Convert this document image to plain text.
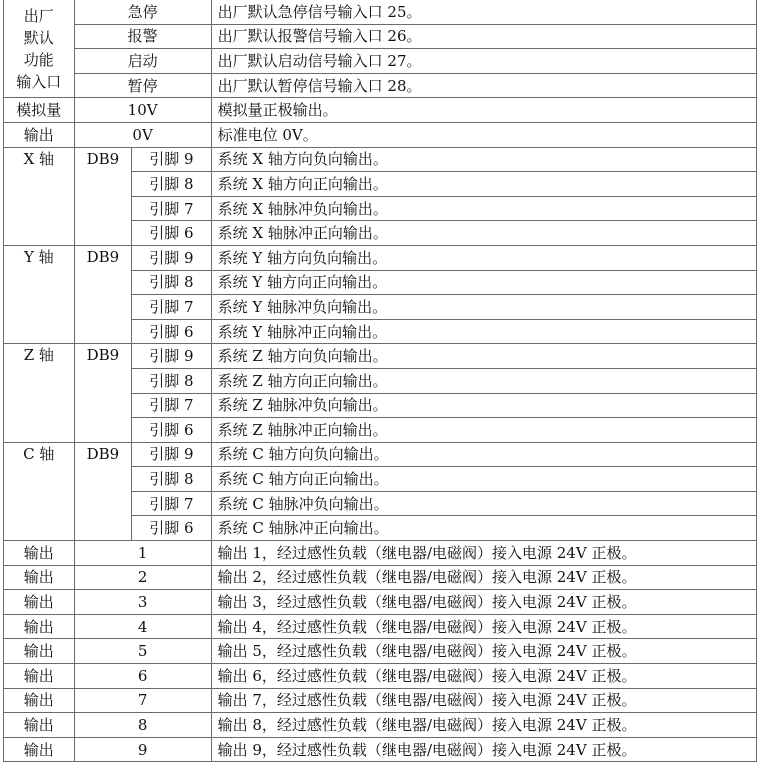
出厂
默认
功能
输入口	急停		出厂默认急停信号输入口 25。
	报警		出厂默认报警信号输入口 26。
	启动		出厂默认启动信号输入口 27。
	暂停		出厂默认暂停信号输入口 28。
模拟量	10V		模拟量正极输出。
输出	0V		标准电位 0V。
X 轴	DB9	引脚 9	系统 X 轴方向负向输出。
		引脚 8	系统 X 轴方向正向输出。
		引脚 7	系统 X 轴脉冲负向输出。
		引脚 6	系统 X 轴脉冲正向输出。
Y 轴	DB9	引脚 9	系统 Y 轴方向负向输出。
		引脚 8	系统 Y 轴方向正向输出。
		引脚 7	系统 Y 轴脉冲负向输出。
		引脚 6	系统 Y 轴脉冲正向输出。
Z 轴	DB9	引脚 9	系统 Z 轴方向负向输出。
		引脚 8	系统 Z 轴方向正向输出。
		引脚 7	系统 Z 轴脉冲负向输出。
		引脚 6	系统 Z 轴脉冲正向输出。
C 轴	DB9	引脚 9	系统 C 轴方向负向输出。
		引脚 8	系统 C 轴方向正向输出。
		引脚 7	系统 C 轴脉冲负向输出。
		引脚 6	系统 C 轴脉冲正向输出。
输出	1		输出 1，经过感性负载（继电器/电磁阀）接入电源 24V 正极。
输出	2		输出 2，经过感性负载（继电器/电磁阀）接入电源 24V 正极。
输出	3		输出 3，经过感性负载（继电器/电磁阀）接入电源 24V 正极。
输出	4		输出 4，经过感性负载（继电器/电磁阀）接入电源 24V 正极。
输出	5		输出 5，经过感性负载（继电器/电磁阀）接入电源 24V 正极。
输出	6		输出 6，经过感性负载（继电器/电磁阀）接入电源 24V 正极。
输出	7		输出 7，经过感性负载（继电器/电磁阀）接入电源 24V 正极。
输出	8		输出 8，经过感性负载（继电器/电磁阀）接入电源 24V 正极。
输出	9		输出 9，经过感性负载（继电器/电磁阀）接入电源 24V 正极。
